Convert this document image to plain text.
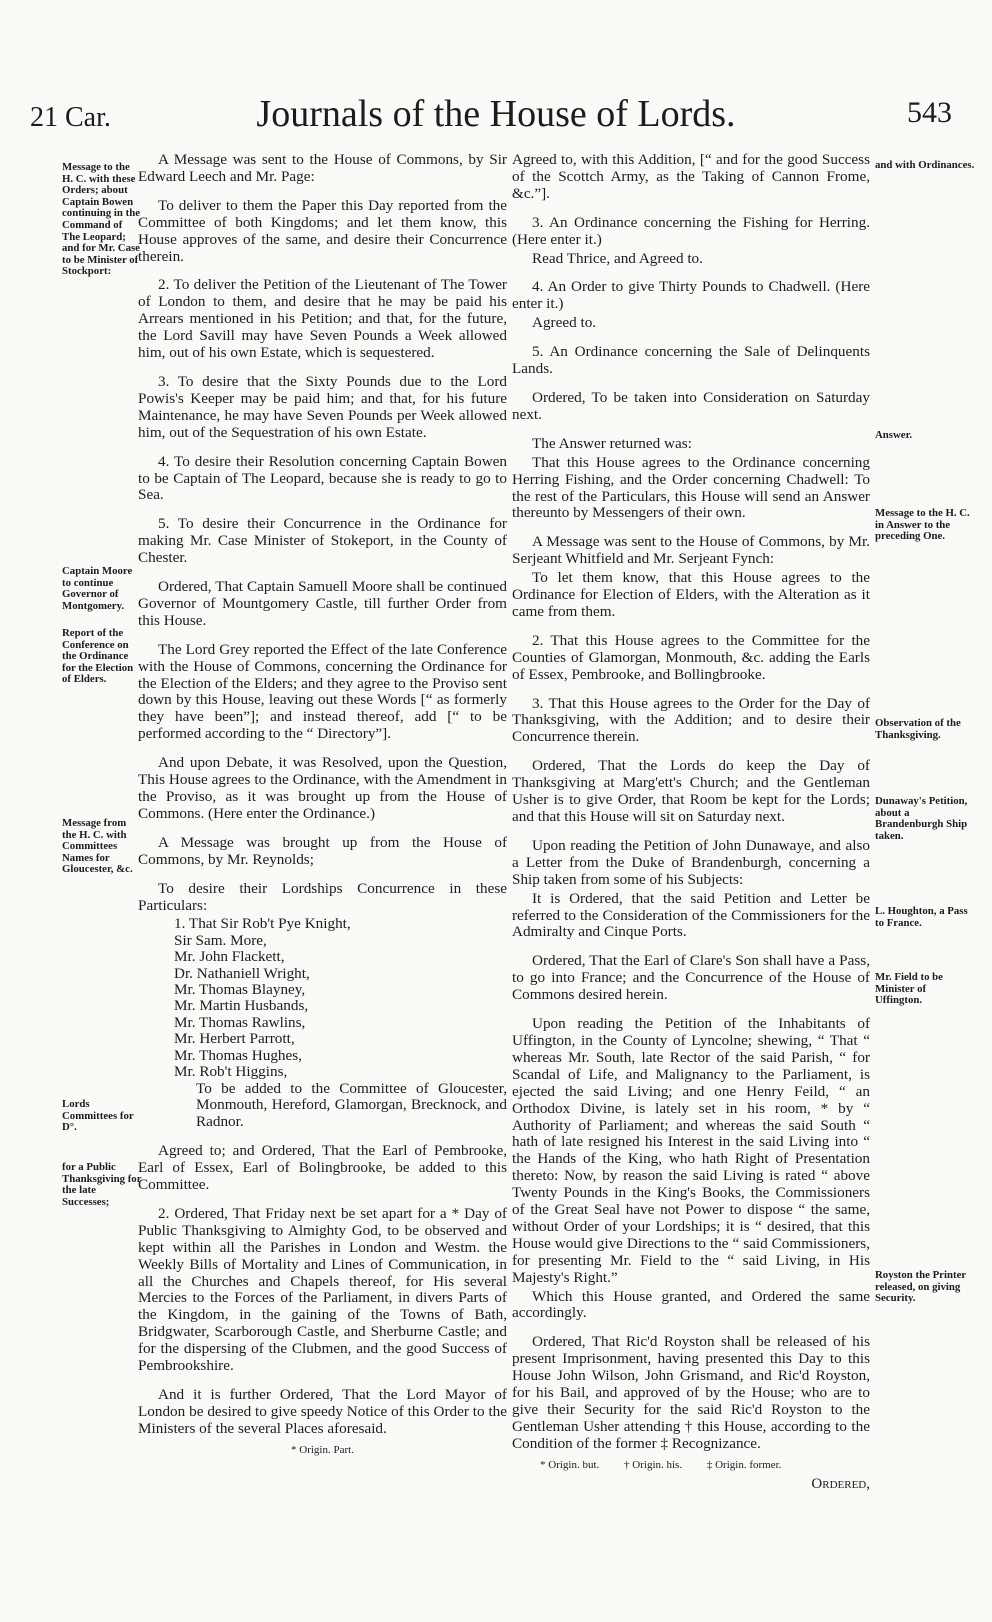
21 Car.	Journals of the House of Lords.	543
Message to the H. C. with these Orders; about Captain Bowen continuing in the Command of The Leopard; and for Mr. Case to be Minister of Stockport:
Captain Moore to continue Governor of Montgomery.
Report of the Conference on the Ordinance for the Election of Elders.
Message from the H. C. with Committees Names for Gloucester, &c.
Lords Committees for D°.
for a Public Thanksgiving for the late Successes;
and with Ordinances.
Answer.
Message to the H. C. in Answer to the preceding One.
Observation of the Thanksgiving.
Dunaway's Petition, about a Brandenburgh Ship taken.
L. Houghton, a Pass to France.
Mr. Field to be Minister of Uffington.
Royston the Printer released, on giving Security.

A Message was sent to the House of Commons, by Sir Edward Leech and Mr. Page:

To deliver to them the Paper this Day reported from the Committee of both Kingdoms; and let them know, this House approves of the same, and desire their Concurrence therein.

2. To deliver the Petition of the Lieutenant of The Tower of London to them, and desire that he may be paid his Arrears mentioned in his Petition; and that, for the future, the Lord Savill may have Seven Pounds a Week allowed him, out of his own Estate, which is sequestered.

3. To desire that the Sixty Pounds due to the Lord Powis's Keeper may be paid him; and that, for his future Maintenance, he may have Seven Pounds per Week allowed him, out of the Sequestration of his own Estate.

4. To desire their Resolution concerning Captain Bowen to be Captain of The Leopard, because she is ready to go to Sea.

5. To desire their Concurrence in the Ordinance for making Mr. Case Minister of Stokeport, in the County of Chester.

Ordered, That Captain Samuell Moore shall be continued Governor of Mountgomery Castle, till further Order from this House.

The Lord Grey reported the Effect of the late Conference with the House of Commons, concerning the Ordinance for the Election of the Elders; and they agree to the Proviso sent down by this House, leaving out these Words [“ as formerly they have been”]; and instead thereof, add [“ to be performed according to the “ Directory”].

And upon Debate, it was Resolved, upon the Question, This House agrees to the Ordinance, with the Amendment in the Proviso, as it was brought up from the House of Commons. (Here enter the Ordinance.)

A Message was brought up from the House of Commons, by Mr. Reynolds;

To desire their Lordships Concurrence in these Particulars:

1. That Sir Rob't Pye Knight,
Sir Sam. More,
Mr. John Flackett,
Dr. Nathaniell Wright,
Mr. Thomas Blayney,
Mr. Martin Husbands,
Mr. Thomas Rawlins,
Mr. Herbert Parrott,
Mr. Thomas Hughes,
Mr. Rob't Higgins,

To be added to the Committee of Gloucester, Monmouth, Hereford, Glamorgan, Brecknock, and Radnor.

Agreed to; and Ordered, That the Earl of Pembrooke, Earl of Essex, Earl of Bolingbrooke, be added to this Committee.

2. Ordered, That Friday next be set apart for a * Day of Public Thanksgiving to Almighty God, to be observed and kept within all the Parishes in London and Westm. the Weekly Bills of Mortality and Lines of Communication, in all the Churches and Chapels thereof, for His several Mercies to the Forces of the Parliament, in divers Parts of the Kingdom, in the gaining of the Towns of Bath, Bridgwater, Scarborough Castle, and Sherburne Castle; and for the dispersing of the Clubmen, and the good Success of Pembrookshire.

And it is further Ordered, That the Lord Mayor of London be desired to give speedy Notice of this Order to the Ministers of the several Places aforesaid.

* Origin. Part.

Agreed to, with this Addition, [“ and for the good Success of the Scottch Army, as the Taking of Cannon Frome, &c.”].

3. An Ordinance concerning the Fishing for Herring. (Here enter it.)

Read Thrice, and Agreed to.

4. An Order to give Thirty Pounds to Chadwell. (Here enter it.)

Agreed to.

5. An Ordinance concerning the Sale of Delinquents Lands.

Ordered, To be taken into Consideration on Saturday next.

The Answer returned was:

That this House agrees to the Ordinance concerning Herring Fishing, and the Order concerning Chadwell: To the rest of the Particulars, this House will send an Answer thereunto by Messengers of their own.

A Message was sent to the House of Commons, by Mr. Serjeant Whitfield and Mr. Serjeant Fynch:

To let them know, that this House agrees to the Ordinance for Election of Elders, with the Alteration as it came from them.

2. That this House agrees to the Committee for the Counties of Glamorgan, Monmouth, &c. adding the Earls of Essex, Pembrooke, and Bollingbrooke.

3. That this House agrees to the Order for the Day of Thanksgiving, with the Addition; and to desire their Concurrence therein.

Ordered, That the Lords do keep the Day of Thanksgiving at Marg'ett's Church; and the Gentleman Usher is to give Order, that Room be kept for the Lords; and that this House will sit on Saturday next.

Upon reading the Petition of John Dunawaye, and also a Letter from the Duke of Brandenburgh, concerning a Ship taken from some of his Subjects:

It is Ordered, that the said Petition and Letter be referred to the Consideration of the Commissioners for the Admiralty and Cinque Ports.

Ordered, That the Earl of Clare's Son shall have a Pass, to go into France; and the Concurrence of the House of Commons desired herein.

Upon reading the Petition of the Inhabitants of Uffington, in the County of Lyncolne; shewing, “ That “ whereas Mr. South, late Rector of the said Parish, “ for Scandal of Life, and Malignancy to the Parliament, is ejected the said Living; and one Henry Feild, “ an Orthodox Divine, is lately set in his room, * by “ Authority of Parliament; and whereas the said South “ hath of late resigned his Interest in the said Living into “ the Hands of the King, who hath Right of Presentation thereto: Now, by reason the said Living is rated “ above Twenty Pounds in the King's Books, the Commissioners of the Great Seal have not Power to dispose “ the same, without Order of your Lordships; it is “ desired, that this House would give Directions to the “ said Commissioners, for presenting Mr. Field to the “ said Living, in His Majesty's Right.”

Which this House granted, and Ordered the same accordingly.

Ordered, That Ric'd Royston shall be released of his present Imprisonment, having presented this Day to this House John Wilson, John Grismand, and Ric'd Royston, for his Bail, and approved of by the House; who are to give their Security for the said Ric'd Royston to the Gentleman Usher attending † this House, according to the Condition of the former ‡ Recognizance.

* Origin. but. † Origin. his. ‡ Origin. former.
Ordered,
